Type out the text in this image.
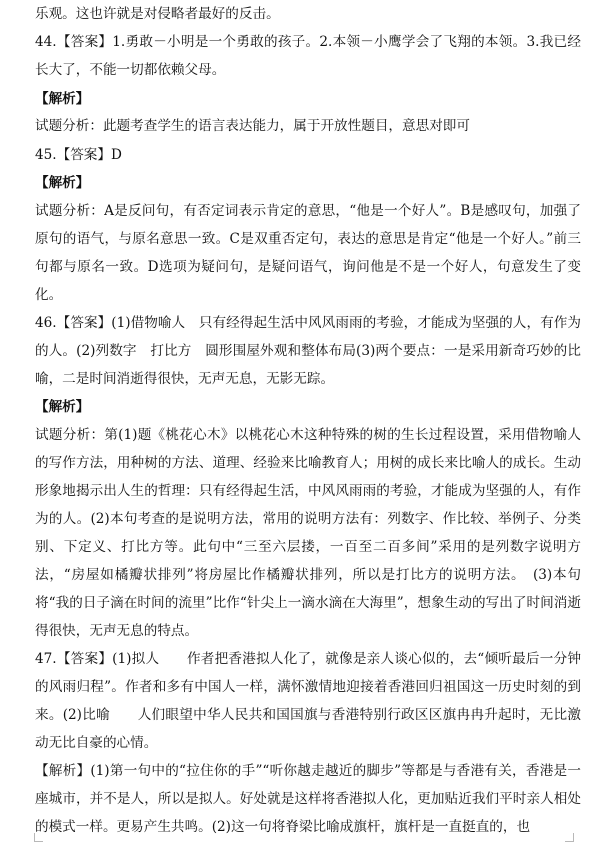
乐观。这也许就是对侵略者最好的反击。

44.【答案】1.勇敢－小明是一个勇敢的孩子。2.本领－小鹰学会了飞翔的本领。3.我已经长大了，不能一切都依赖父母。

【解析】

试题分析：此题考查学生的语言表达能力，属于开放性题目，意思对即可

45.【答案】D

【解析】

试题分析：A是反问句，有否定词表示肯定的意思，“他是一个好人”。B是感叹句，加强了原句的语气，与原名意思一致。C是双重否定句，表达的意思是肯定“他是一个好人。”前三句都与原名一致。D选项为疑问句，是疑问语气，询问他是不是一个好人，句意发生了变化。

46.【答案】(1)借物喻人　只有经得起生活中风风雨雨的考验，才能成为坚强的人，有作为的人。(2)列数字　打比方　圆形围屋外观和整体布局(3)两个要点：一是采用新奇巧妙的比喻，二是时间消逝得很快，无声无息，无影无踪。

【解析】

试题分析：第(1)题《桃花心木》以桃花心木这种特殊的树的生长过程设置，采用借物喻人的写作方法，用种树的方法、道理、经验来比喻教育人；用树的成长来比喻人的成长。生动形象地揭示出人生的哲理：只有经得起生活，中风风雨雨的考验，才能成为坚强的人，有作为的人。(2)本句考查的是说明方法，常用的说明方法有：列数字、作比较、举例子、分类别、下定义、打比方等。此句中“三至六层搂，一百至二百多间”采用的是列数字说明方法，“房屋如橘瓣状排列”将房屋比作橘瓣状排列，所以是打比方的说明方法。　(3)本句将“我的日子滴在时间的流里”比作“针尖上一滴水滴在大海里”，想象生动的写出了时间消逝得很快，无声无息的特点。

47.【答案】(1)拟人　　作者把香港拟人化了，就像是亲人谈心似的，去“倾听最后一分钟的风雨归程”。作者和多有中国人一样，满怀激情地迎接着香港回归祖国这一历史时刻的到来。(2)比喻　　人们眼望中华人民共和国国旗与香港特别行政区区旗冉冉升起时，无比激动无比自豪的心情。

【解析】(1)第一句中的“拉住你的手”“听你越走越近的脚步”等都是与香港有关，香港是一座城市，并不是人，所以是拟人。好处就是这样将香港拟人化，更加贴近我们平时亲人相处的模式一样。更易产生共鸣。(2)这一句将脊梁比喻成旗杆，旗杆是一直挺直的，也
